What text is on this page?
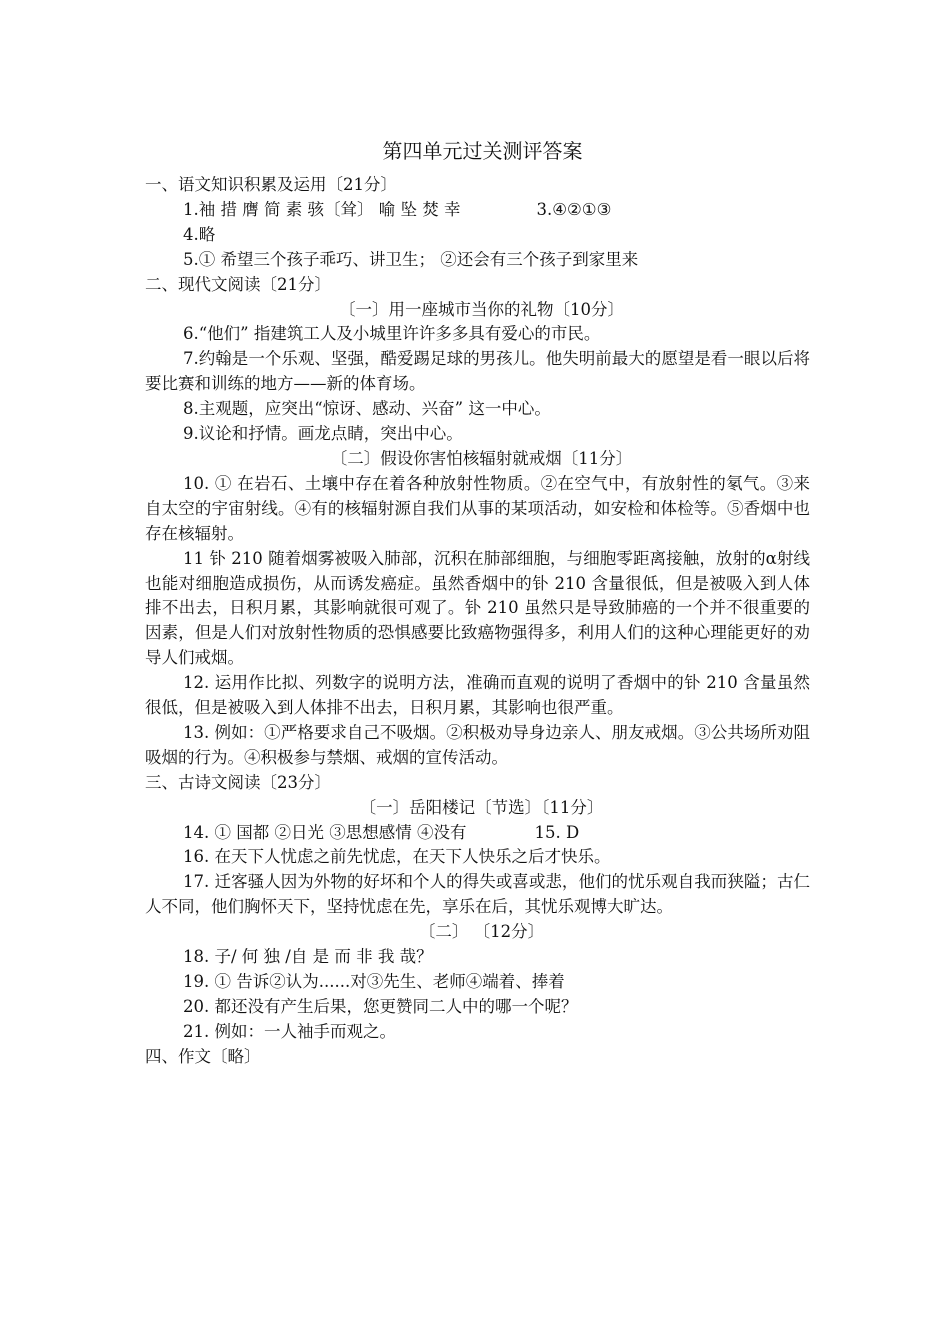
第四单元过关测评答案

一、语文知识积累及运用〔21分〕

1.袖 措 膺 简 素 骇〔耸〕 喻 坠 焚 幸	3.④②①③

4.略

5.① 希望三个孩子乖巧、讲卫生； ②还会有三个孩子到家里来

二、现代文阅读〔21分〕

〔一〕用一座城市当你的礼物〔10分〕

6.“他们” 指建筑工人及小城里许许多多具有爱心的市民。

7.约翰是一个乐观、坚强，酷爱踢足球的男孩儿。他失明前最大的愿望是看一眼以后将要比赛和训练的地方——新的体育场。

8.主观题，应突出“惊讶、感动、兴奋” 这一中心。

9.议论和抒情。画龙点睛，突出中心。

〔二〕假设你害怕核辐射就戒烟〔11分〕

10. ① 在岩石、土壤中存在着各种放射性物质。②在空气中，有放射性的氡气。③来自太空的宇宙射线。④有的核辐射源自我们从事的某项活动，如安检和体检等。⑤香烟中也存在核辐射。

11 钋 210 随着烟雾被吸入肺部，沉积在肺部细胞，与细胞零距离接触，放射的α射线也能对细胞造成损伤，从而诱发癌症。虽然香烟中的钋 210 含量很低，但是被吸入到人体排不出去，日积月累，其影响就很可观了。钋 210 虽然只是导致肺癌的一个并不很重要的因素，但是人们对放射性物质的恐惧感要比致癌物强得多，利用人们的这种心理能更好的劝导人们戒烟。

12. 运用作比拟、列数字的说明方法，准确而直观的说明了香烟中的钋 210 含量虽然很低，但是被吸入到人体排不出去，日积月累，其影响也很严重。

13. 例如：①严格要求自己不吸烟。②积极劝导身边亲人、朋友戒烟。③公共场所劝阻吸烟的行为。④积极参与禁烟、戒烟的宣传活动。

三、古诗文阅读〔23分〕

〔一〕岳阳楼记〔节选〕〔11分〕

14. ① 国都 ②日光 ③思想感情 ④没有	15. D

16. 在天下人忧虑之前先忧虑，在天下人快乐之后才快乐。

17. 迁客骚人因为外物的好坏和个人的得失或喜或悲，他们的忧乐观自我而狭隘；古仁人不同，他们胸怀天下，坚持忧虑在先，享乐在后，其忧乐观博大旷达。

〔二〕 〔12分〕

18. 子/ 何 独 /自 是 而 非 我 哉？

19. ① 告诉②认为......对③先生、老师④端着、捧着

20. 都还没有产生后果，您更赞同二人中的哪一个呢？

21. 例如：一人袖手而观之。

四、作文〔略〕
